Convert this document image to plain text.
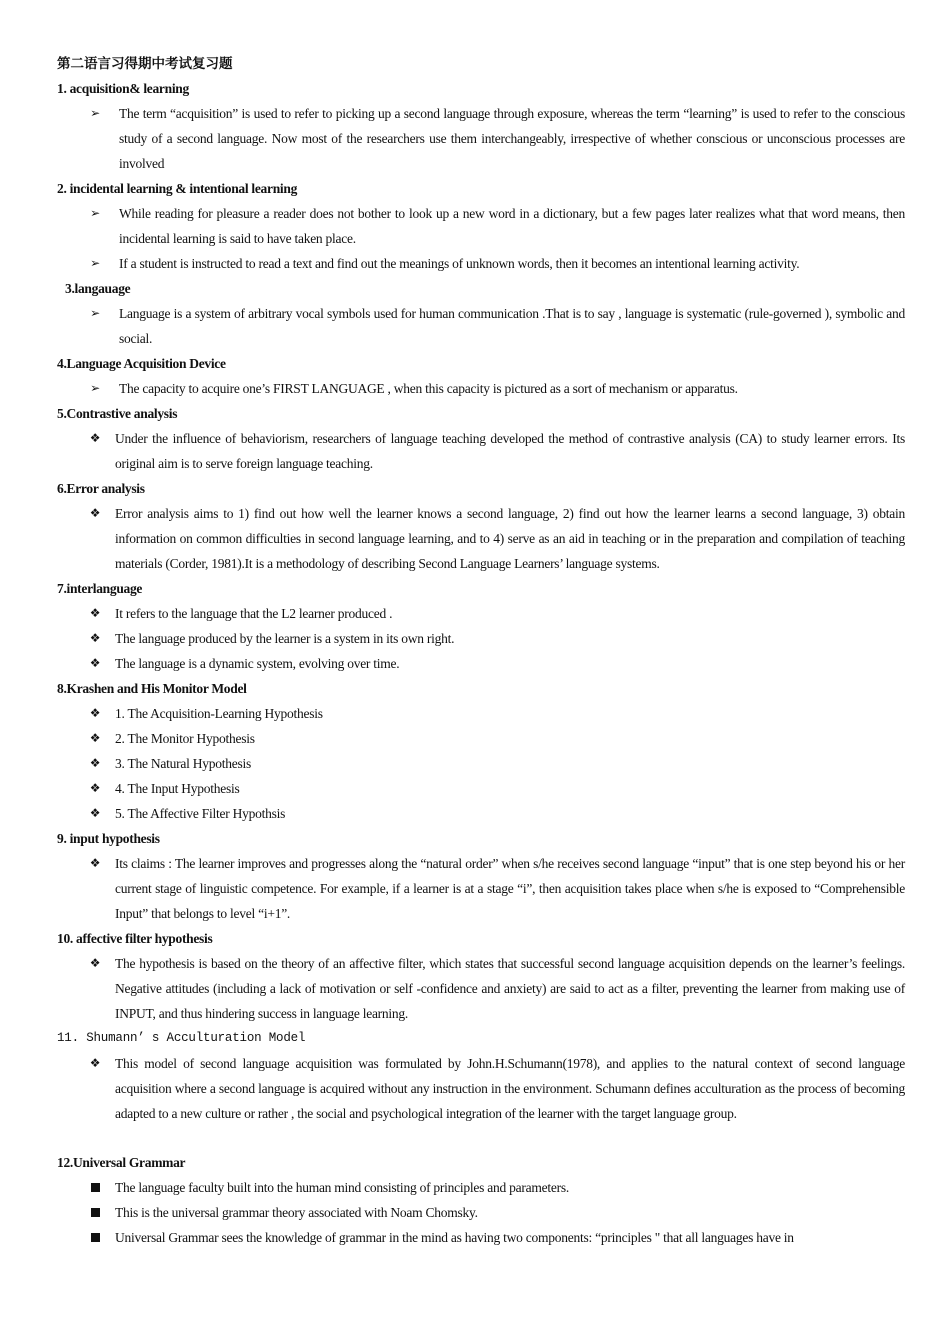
第二语言习得期中考试复习题
1. acquisition& learning
➢	The term “acquisition” is used to refer to picking up a second language through exposure, whereas the term “learning” is used to refer to the conscious study of a second language. Now most of the researchers use them interchangeably, irrespective of whether conscious or unconscious processes are involved
2. incidental learning & intentional learning
➢	While reading for pleasure a reader does not bother to look up a new word in a dictionary, but a few pages later realizes what that word means, then incidental learning is said to have taken place.
➢	If a student is instructed to read a text and find out the meanings of unknown words, then it becomes an intentional learning activity.
3.langauage
➢	Language is a system of arbitrary vocal symbols used for human communication .That is to say , language is systematic (rule-governed ), symbolic and social.
4.Language Acquisition Device
➢	The capacity to acquire one’s FIRST LANGUAGE , when this capacity is pictured as a sort of mechanism or apparatus.
5.Contrastive analysis
❖ Under the influence of behaviorism, researchers of language teaching developed the method of contrastive analysis (CA) to study learner errors. Its original aim is to serve foreign language teaching.
6.Error analysis
❖ Error analysis aims to 1) find out how well the learner knows a second language, 2) find out how the learner learns a second language, 3) obtain information on common difficulties in second language learning, and to 4) serve as an aid in teaching or in the preparation and compilation of teaching materials (Corder, 1981).It is a methodology of describing Second Language Learners’ language systems.
7.interlanguage
❖ It refers to the language that the L2 learner produced .
❖ The language produced by the learner is a system in its own right.
❖ The language is a dynamic system, evolving over time.
8.Krashen and His Monitor Model
❖ 1. The Acquisition-Learning Hypothesis
❖ 2. The Monitor Hypothesis
❖ 3. The Natural Hypothesis
❖ 4. The Input Hypothesis
❖ 5. The Affective Filter Hypothsis
9. input hypothesis
❖ Its claims : The learner improves and progresses along the “natural order” when s/he receives second language “input” that is one step beyond his or her current stage of linguistic competence. For example, if a learner is at a stage “i”, then acquisition takes place when s/he is exposed to “Comprehensible Input” that belongs to level “i+1”.
10. affective filter hypothesis
❖ The hypothesis is based on the theory of an affective filter, which states that successful second language acquisition depends on the learner’s feelings. Negative attitudes (including a lack of motivation or self -confidence and anxiety) are said to act as a filter, preventing the learner from making use of INPUT, and thus hindering success in language learning.
11. Shumann’ s Acculturation Model
❖ This model of second language acquisition was formulated by John.H.Schumann(1978), and applies to the natural context of second language acquisition where a second language is acquired without any instruction in the environment. Schumann defines acculturation as the process of becoming adapted to a new culture or rather , the social and psychological integration of the learner with the target language group.
12.Universal Grammar
The language faculty built into the human mind consisting of principles and parameters.
This is the universal grammar theory associated with Noam Chomsky.
Universal Grammar sees the knowledge of grammar in the mind as having two components: “principles " that all languages have in
